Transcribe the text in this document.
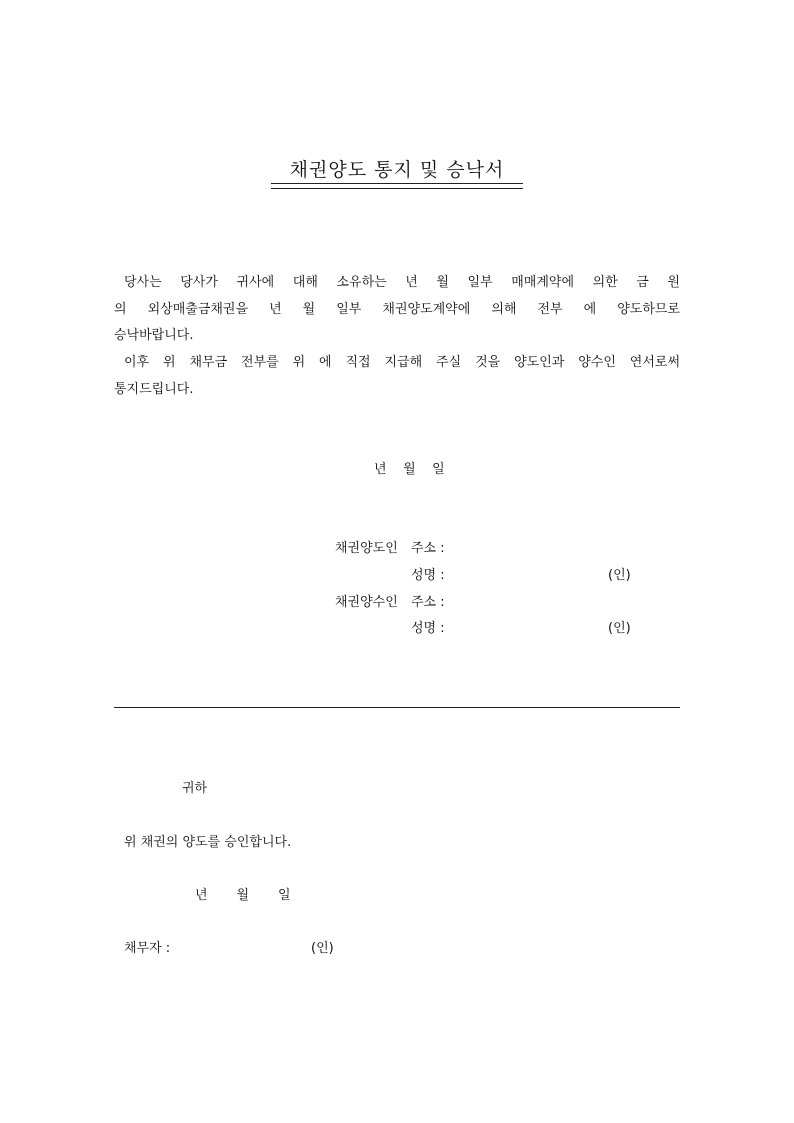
채권양도 통지 및 승낙서
당사는 당사가 귀사에 대해 소유하는 년 월 일부 매매계약에 의한 금 원
의 외상매출금채권을 년 월 일부 채권양도계약에 의해 전부 에 양도하므로
승낙바랍니다.
이후 위 채무금 전부를 위 에 직접 지급해 주실 것을 양도인과 양수인 연서로써
통지드립니다.
년    월    일
채권양도인 주소 :
성명 :	(인)
채권양수인 주소 :
성명 :	(인)
귀하
위 채권의 양도를 승인합니다.
년       월       일
채무자 :	(인)
